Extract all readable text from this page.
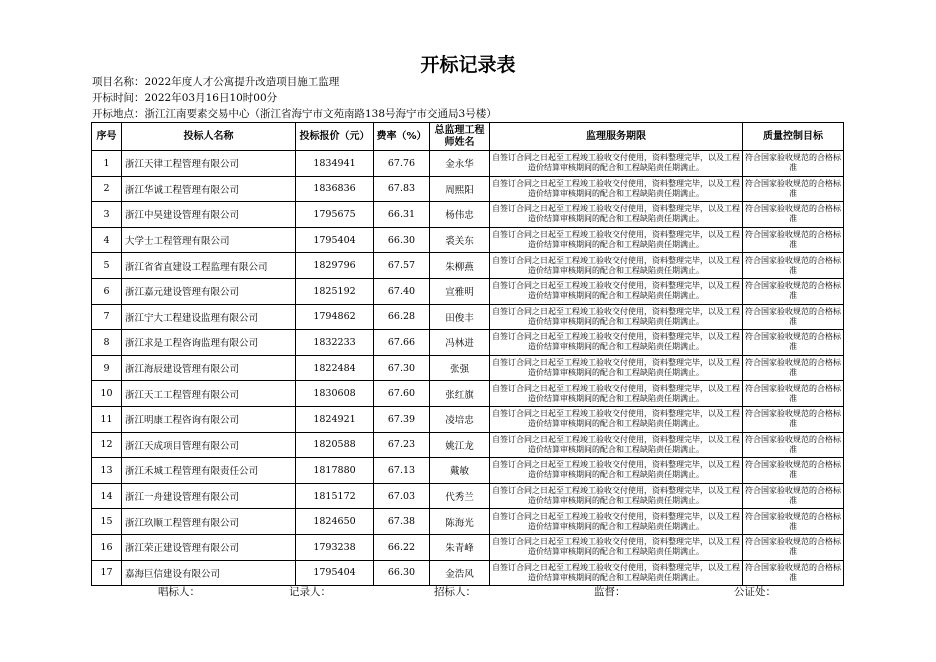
开标记录表
项目名称：2022年度人才公寓提升改造项目施工监理
开标时间：2022年03月16日10时00分
开标地点：浙江江南要素交易中心（浙江省海宁市文苑南路138号海宁市交通局3号楼）
序号	投标人名称	投标报价（元）	费率（%）	总监理工程师姓名	监理服务期限	质量控制目标
1	浙江天律工程管理有限公司	1834941	67.76	金永华	自签订合同之日起至工程竣工验收交付使用，资料整理完毕，以及工程造价结算审核期间的配合和工程缺陷责任期满止。	符合国家验收规范的合格标准
2	浙江华诚工程管理有限公司	1836836	67.83	周熙阳	自签订合同之日起至工程竣工验收交付使用，资料整理完毕，以及工程造价结算审核期间的配合和工程缺陷责任期满止。	符合国家验收规范的合格标准
3	浙江中昊建设管理有限公司	1795675	66.31	杨伟忠	自签订合同之日起至工程竣工验收交付使用，资料整理完毕，以及工程造价结算审核期间的配合和工程缺陷责任期满止。	符合国家验收规范的合格标准
4	大学士工程管理有限公司	1795404	66.30	裘关东	自签订合同之日起至工程竣工验收交付使用，资料整理完毕，以及工程造价结算审核期间的配合和工程缺陷责任期满止。	符合国家验收规范的合格标准
5	浙江省省直建设工程监理有限公司	1829796	67.57	朱柳燕	自签订合同之日起至工程竣工验收交付使用，资料整理完毕，以及工程造价结算审核期间的配合和工程缺陷责任期满止。	符合国家验收规范的合格标准
6	浙江嘉元建设管理有限公司	1825192	67.40	宣雅明	自签订合同之日起至工程竣工验收交付使用，资料整理完毕，以及工程造价结算审核期间的配合和工程缺陷责任期满止。	符合国家验收规范的合格标准
7	浙江宁大工程建设监理有限公司	1794862	66.28	田俊丰	自签订合同之日起至工程竣工验收交付使用，资料整理完毕，以及工程造价结算审核期间的配合和工程缺陷责任期满止。	符合国家验收规范的合格标准
8	浙江求是工程咨询监理有限公司	1832233	67.66	冯林进	自签订合同之日起至工程竣工验收交付使用，资料整理完毕，以及工程造价结算审核期间的配合和工程缺陷责任期满止。	符合国家验收规范的合格标准
9	浙江海辰建设管理有限公司	1822484	67.30	张强	自签订合同之日起至工程竣工验收交付使用，资料整理完毕，以及工程造价结算审核期间的配合和工程缺陷责任期满止。	符合国家验收规范的合格标准
10	浙江天工工程管理有限公司	1830608	67.60	张红旗	自签订合同之日起至工程竣工验收交付使用，资料整理完毕，以及工程造价结算审核期间的配合和工程缺陷责任期满止。	符合国家验收规范的合格标准
11	浙江明康工程咨询有限公司	1824921	67.39	凌培忠	自签订合同之日起至工程竣工验收交付使用，资料整理完毕，以及工程造价结算审核期间的配合和工程缺陷责任期满止。	符合国家验收规范的合格标准
12	浙江天成项目管理有限公司	1820588	67.23	姚江龙	自签订合同之日起至工程竣工验收交付使用，资料整理完毕，以及工程造价结算审核期间的配合和工程缺陷责任期满止。	符合国家验收规范的合格标准
13	浙江禾城工程管理有限责任公司	1817880	67.13	戴敏	自签订合同之日起至工程竣工验收交付使用，资料整理完毕，以及工程造价结算审核期间的配合和工程缺陷责任期满止。	符合国家验收规范的合格标准
14	浙江一舟建设管理有限公司	1815172	67.03	代秀兰	自签订合同之日起至工程竣工验收交付使用，资料整理完毕，以及工程造价结算审核期间的配合和工程缺陷责任期满止。	符合国家验收规范的合格标准
15	浙江玖顺工程管理有限公司	1824650	67.38	陈海光	自签订合同之日起至工程竣工验收交付使用，资料整理完毕，以及工程造价结算审核期间的配合和工程缺陷责任期满止。	符合国家验收规范的合格标准
16	浙江荣正建设管理有限公司	1793238	66.22	朱青峰	自签订合同之日起至工程竣工验收交付使用，资料整理完毕，以及工程造价结算审核期间的配合和工程缺陷责任期满止。	符合国家验收规范的合格标准
17	嘉海巨信建设有限公司	1795404	66.30	金浩风	自签订合同之日起至工程竣工验收交付使用，资料整理完毕，以及工程造价结算审核期间的配合和工程缺陷责任期满止。	符合国家验收规范的合格标准
唱标人：	记录人：	招标人：	监督：	公证处：
